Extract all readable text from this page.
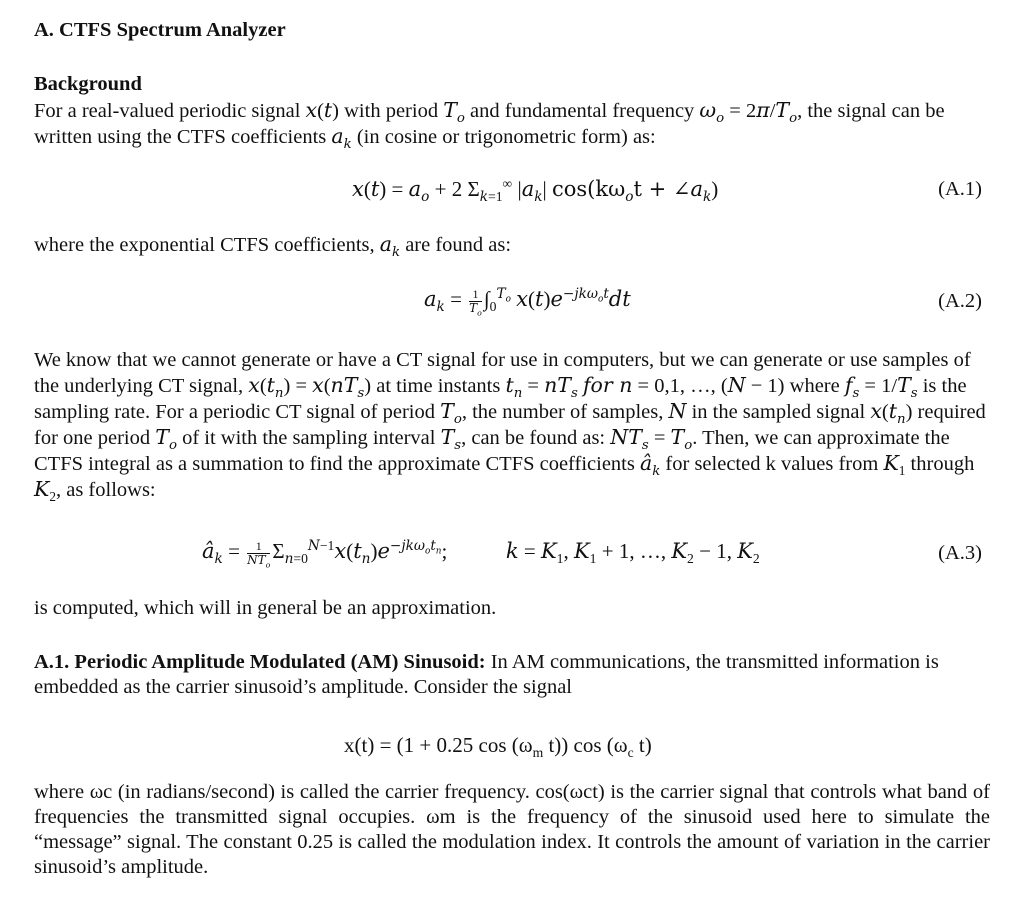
A. CTFS Spectrum Analyzer
Background
For a real-valued periodic signal x(t) with period $T_o$ and fundamental frequency $\omega_o = 2\pi/T_o$, the signal can be written using the CTFS coefficients $a_k$ (in cosine or trigonometric form) as:
$x(t) = a_o + 2$ $\Sigma_{k=1}^\infty$ $|a_k|$ $\cos(k\omega_ot$ + $\angle a_k$)	(A.1)
where the exponential CTFS coefficients, $a_k$ are found as:
$a_k = \frac{1}{T_o} \int_0^{T_o}$ $x(t)e^{-jk\omega_ot}dt$	(A.2)
We know that we cannot generate or have a CT signal for use in computers, but we can generate or use samples of the underlying CT signal, $x(t_n) = x(nT_s)$ at time instants $t_n = nT_s$ for n = 0,1, …, (N − 1) where $f_s = 1/T_s$ is the sampling rate. For a periodic CT signal of period $T_o$, the number of samples, N in the sampled signal $x(t_n)$ required for one period $T_o$ of it with the sampling interval $T_s$, can be found as: $NT_s = T_o$. Then, we can approximate the CTFS integral as a summation to find the approximate CTFS coefficients $â_k$ for selected k values from $K_1$ through $K_2$, as follows:
$â_k = \frac{1}{NT_o} \Sigma_{n=0}^{N-1}x(t_n)e^{-jk\omega_ot_n}$;	$k = K_1$, $K_1 + 1$, …, $K_2 - 1$, $K_2$	(A.3)
is computed, which will in general be an approximation.
A.1. Periodic Amplitude Modulated (AM) Sinusoid: In AM communications, the transmitted information is embedded as the carrier sinusoid’s amplitude. Consider the signal
x(t) = (1 + 0.25 $\cos (\omega_m$ t)) $\cos (\omega_c$ t)
where ωc (in radians/second) is called the carrier frequency. cos(ωct) is the carrier signal that controls what band of frequencies the transmitted signal occupies. ωm is the frequency of the sinusoid used here to simulate the “message” signal. The constant 0.25 is called the modulation index. It controls the amount of variation in the carrier sinusoid’s amplitude.
